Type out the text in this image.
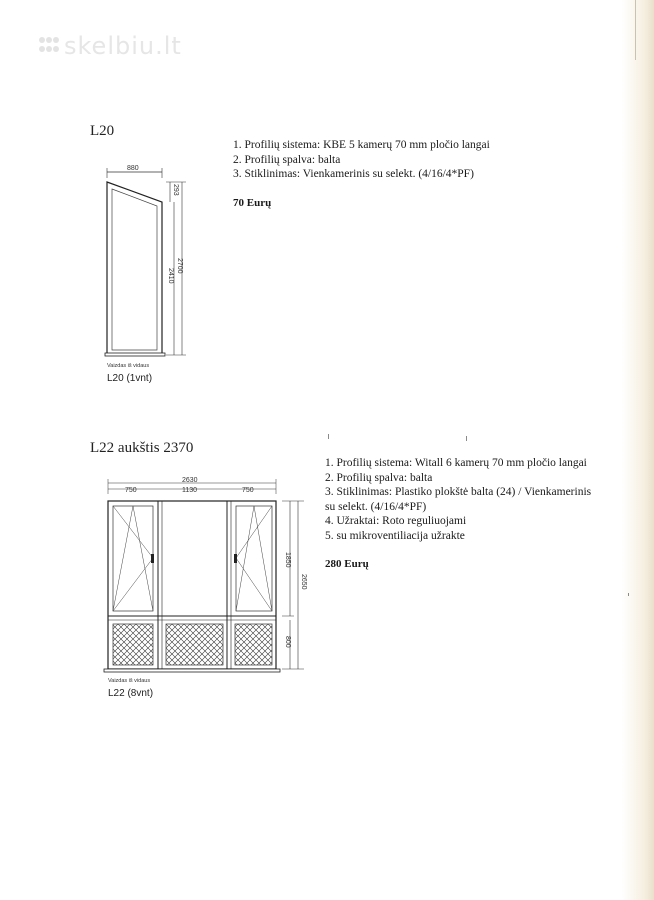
skelbiu.lt
L20
1. Profilių sistema: KBE 5 kamerų 70 mm pločio langai
2. Profilių spalva: balta
3. Stiklinimas: Vienkamerinis su selekt. (4/16/4*PF)
70 Eurų
880
293
2410
2700
Vaizdas iš vidaus
L20 (1vnt)
L22 aukštis 2370
1. Profilių sistema: Witall 6 kamerų 70 mm pločio langai
2. Profilių spalva: balta
3. Stiklinimas: Plastiko plokštė balta (24) / Vienkamerinis
su selekt. (4/16/4*PF)
4. Užraktai: Roto reguliuojami
5. su mikroventiliacija užrakte
280 Eurų
2630
750	1130	750
1850
2650
800
Vaizdas iš vidaus
L22 (8vnt)
